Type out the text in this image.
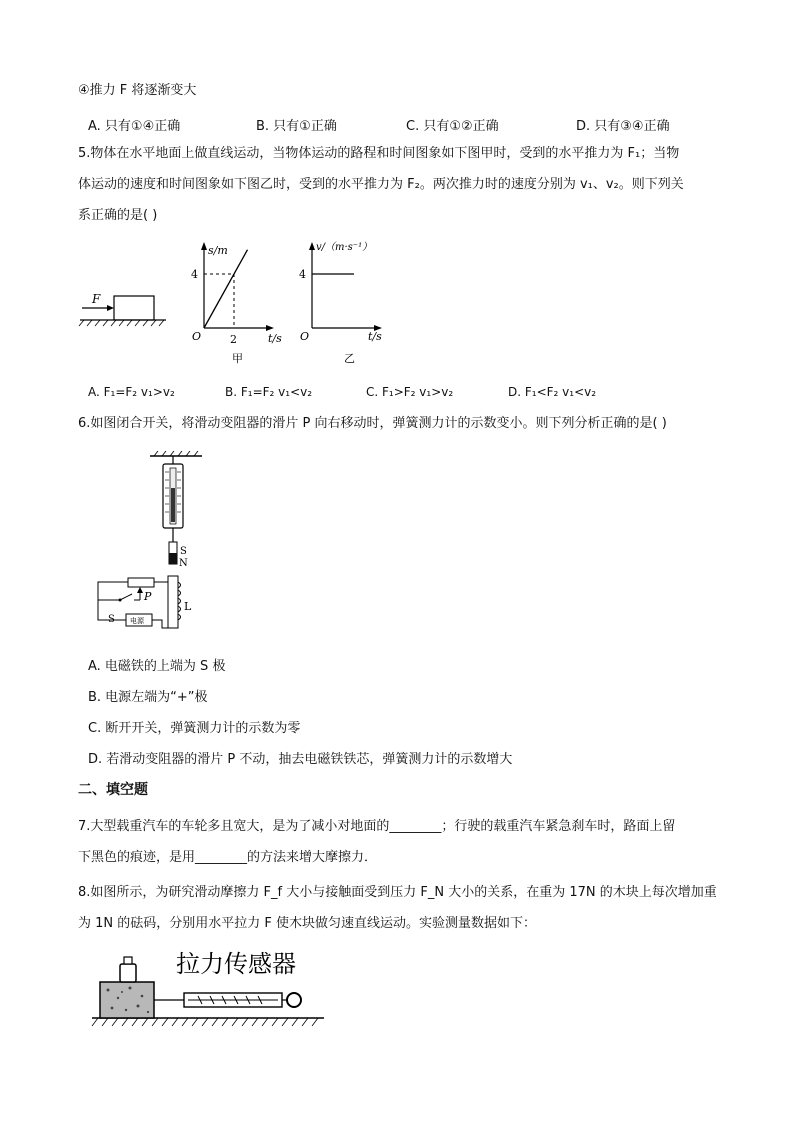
④推力 F 将逐渐变大
A. 只有①④正确	B. 只有①正确	C. 只有①②正确	D. 只有③④正确
5.物体在水平地面上做直线运动，当物体运动的路程和时间图象如下图甲时，受到的水平推力为 F₁；当物
体运动的速度和时间图象如下图乙时，受到的水平推力为 F₂。两次推力时的速度分别为 v₁、v₂。则下列关
系正确的是( )
F
s/m
4
O	2	t/s
甲
v/（m·s⁻¹）
4
O	t/s
乙
A. F₁=F₂ v₁>v₂	B. F₁=F₂ v₁<v₂	C. F₁>F₂ v₁>v₂	D. F₁<F₂ v₁<v₂
6.如图闭合开关，将滑动变阻器的滑片 P 向右移动时，弹簧测力计的示数变小。则下列分析正确的是( )
S
N
L
P
S 电源
A. 电磁铁的上端为 S 极
B. 电源左端为“+”极
C. 断开开关，弹簧测力计的示数为零
D. 若滑动变阻器的滑片 P 不动，抽去电磁铁铁芯，弹簧测力计的示数增大
二、填空题
7.大型载重汽车的车轮多且宽大，是为了减小对地面的________；行驶的载重汽车紧急刹车时，路面上留
下黑色的痕迹，是用________的方法来增大摩擦力．
8.如图所示，为研究滑动摩擦力 F_f 大小与接触面受到压力 F_N 大小的关系，在重为 17N 的木块上每次增加重
为 1N 的砝码，分别用水平拉力 F 使木块做匀速直线运动。实验测量数据如下：
拉力传感器
